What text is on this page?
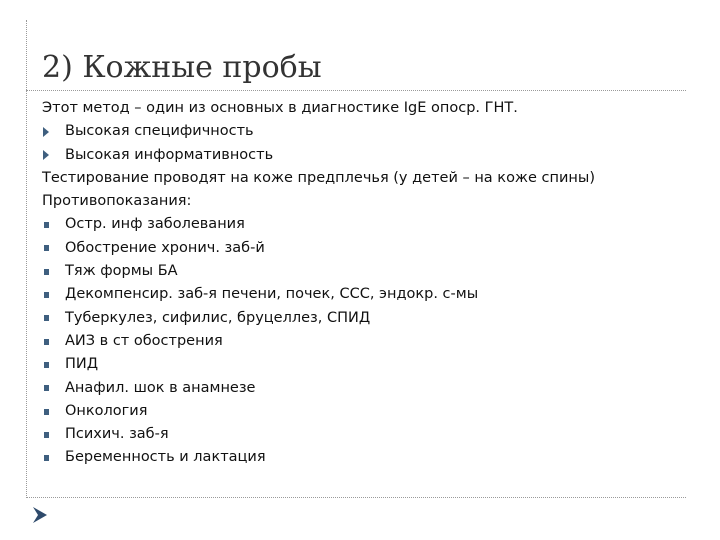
2) Кожные пробы
Этот метод – один из основных в диагностике IgE опоср. ГНТ.
Высокая специфичность
Высокая информативность
Тестирование проводят на коже предплечья (у детей – на коже спины)
Противопоказания:
Остр. инф заболевания
Обострение хронич. заб-й
Тяж формы БА
Декомпенсир. заб-я печени, почек, ССС, эндокр. с-мы
Туберкулез, сифилис, бруцеллез, СПИД
АИЗ в ст обострения
ПИД
Анафил. шок в анамнезе
Онкология
Психич. заб-я
Беременность и лактация
